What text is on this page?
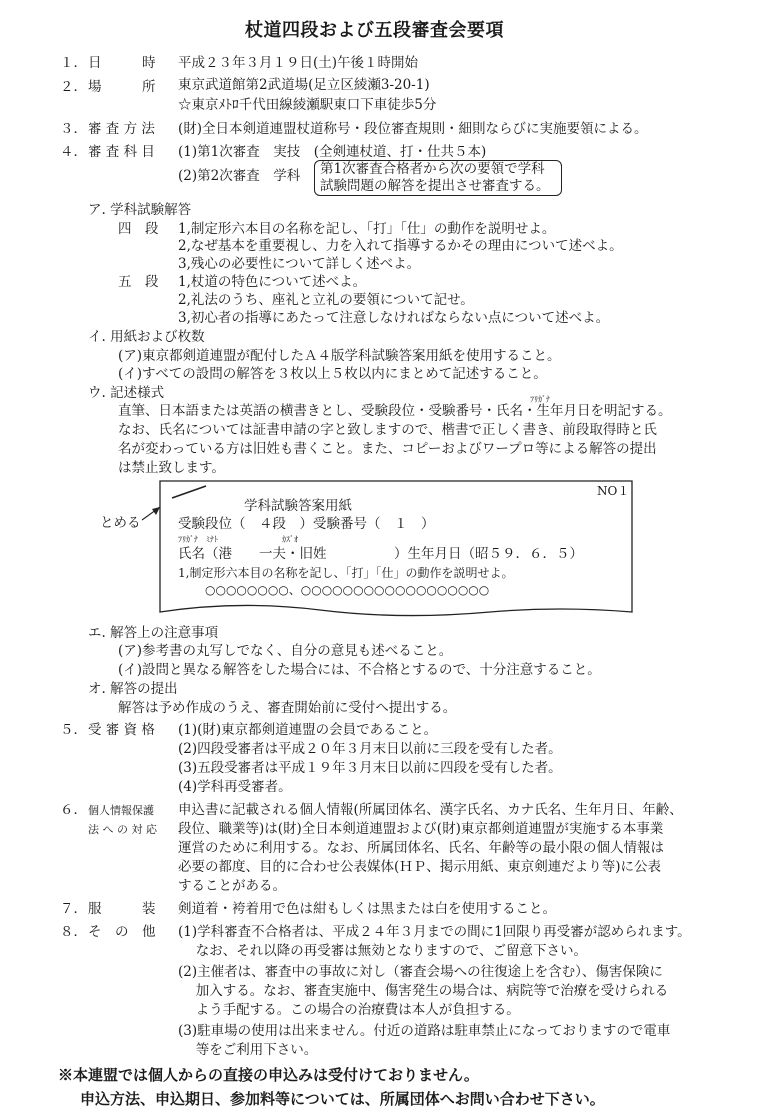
杖道四段および五段審査会要項
１． 日　　　時 平成２３年３月１９日(土)午後１時開始
２． 場　　　所 東京武道館第2武道場(足立区綾瀬3-20-1)
☆東京ﾒﾄﾛ千代田線綾瀬駅東口下車徒歩5分
３． 審 査 方 法 (財)全日本剣道連盟杖道称号・段位審査規則・細則ならびに実施要領による。
４． 審 査 科 目 (1)第1次審査　実技　(全剣連杖道、打・仕共５本)
(2)第2次審査　学科 第1次審査合格者から次の要領で学科
試験問題の解答を提出させ審査する。
ア. 学科試験解答
四　段 1,制定形六本目の名称を記し、「打」「仕」の動作を説明せよ。
2,なぜ基本を重要視し、力を入れて指導するかその理由について述べよ。
3,残心の必要性について詳しく述べよ。
五　段 1,杖道の特色について述べよ。
2,礼法のうち、座礼と立礼の要領について記せ。
3,初心者の指導にあたって注意しなければならない点について述べよ。
イ. 用紙および枚数
(ア)東京都剣道連盟が配付したＡ４版学科試験答案用紙を使用すること。
(イ)すべての設問の解答を３枚以上５枚以内にまとめて記述すること。
ウ. 記述様式	ﾌﾘｶﾞﾅ
直筆、日本語または英語の横書きとし、受験段位・受験番号・氏名・生年月日を明記する。
なお、氏名については証書申請の字と致しますので、楷書で正しく書き、前段取得時と氏
名が変わっている方は旧姓も書くこと。また、コピーおよびワープロ等による解答の提出
は禁止致します。
とめる
NO１
学科試験答案用紙
受験段位（　４段　）受験番号（　１　）
ﾌﾘｶﾞﾅ　ﾐﾅﾄ	ｶｽﾞｵ
氏名（港　　一夫・旧姓　　　　　）生年月日（昭５９．６．５）
1,制定形六本目の名称を記し、「打」「仕」の動作を説明せよ。
○○○○○○○○、○○○○○○○○○○○○○○○○○○
エ. 解答上の注意事項
(ア)参考書の丸写しでなく、自分の意見も述べること。
(イ)設問と異なる解答をした場合には、不合格とするので、十分注意すること。
オ. 解答の提出
解答は予め作成のうえ、審査開始前に受付へ提出する。
５． 受 審 資 格 (1)(財)東京都剣道連盟の会員であること。
(2)四段受審者は平成２０年３月末日以前に三段を受有した者。
(3)五段受審者は平成１９年３月末日以前に四段を受有した者。
(4)学科再受審者。
６． 個人情報保護
法 へ の 対 応
申込書に記載される個人情報(所属団体名、漢字氏名、カナ氏名、生年月日、年齢、
段位、職業等)は(財)全日本剣道連盟および(財)東京都剣道連盟が実施する本事業
運営のために利用する。なお、所属団体名、氏名、年齢等の最小限の個人情報は
必要の都度、目的に合わせ公表媒体(ＨＰ、掲示用紙、東京剣連だより等)に公表
することがある。
７． 服　　　装 剣道着・袴着用で色は紺もしくは黒または白を使用すること。
８． そ　の　他 (1)学科審査不合格者は、平成２４年３月までの間に1回限り再受審が認められます。
　 なお、それ以降の再受審は無効となりますので、ご留意下さい。
(2)主催者は、審査中の事故に対し（審査会場への往復途上を含む）、傷害保険に
　 加入する。なお、審査実施中、傷害発生の場合は、病院等で治療を受けられる
　 よう手配する。この場合の治療費は本人が負担する。
(3)駐車場の使用は出来ません。付近の道路は駐車禁止になっておりますので電車
　 等をご利用下さい。
※本連盟では個人からの直接の申込みは受付けておりません。
申込方法、申込期日、参加料等については、所属団体へお問い合わせ下さい。
